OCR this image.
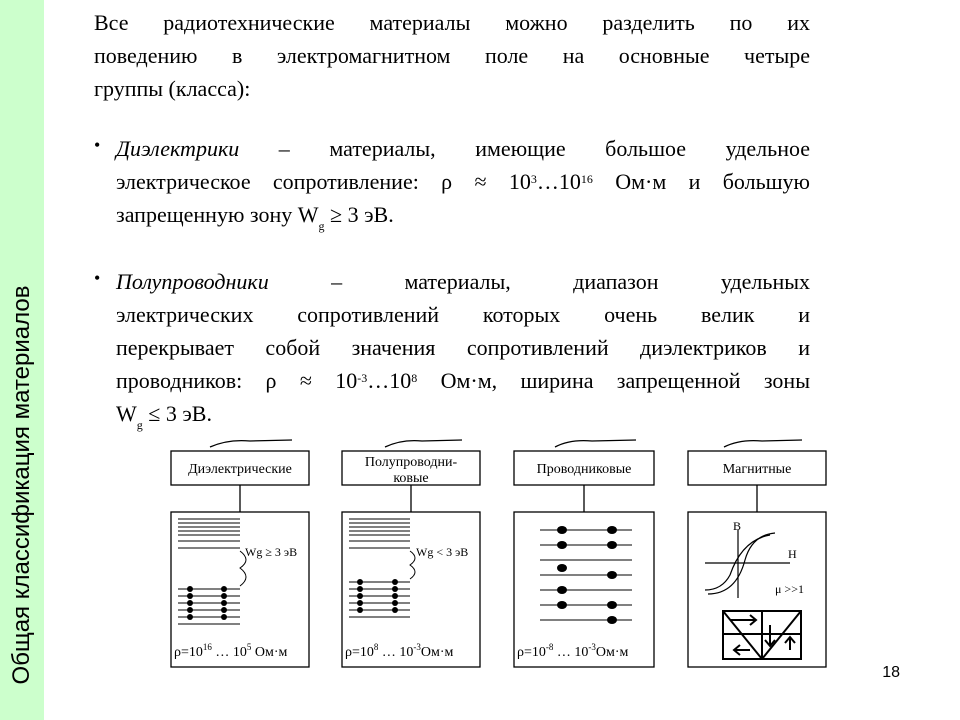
Общая классификация материалов
Все радиотехнические материалы можно разделить по их
поведению в электромагнитном поле на основные четыре
группы (класса):
• Диэлектрики – материалы, имеющие большое удельное
электрическое сопротивление: $\rho \approx 10^3\dots 10^{16}$ Ом·м и большую
запрещенную зону $W_g \ge 3$ эВ.
• Полупроводники	– материалы, диапазон удельных
электрических сопротивлений которых очень велик и
перекрывает собой значения сопротивлений диэлектриков и
проводников: $\rho \approx 10^{-3}\dots 10^8$ Ом·м, ширина запрещенной зоны
$W_g \le 3$ эВ.
Wg ≥ 3 эВ	Wg < 3 эВ
B
H
μ >>1
Диэлектрические	Полупроводни-
ковые
Проводниковые	Магнитные
$\rho=10^{16}$ … $10^5$ Ом·м	$\rho=10^8$ … $10^{-3}Ом\cdot м$	$\rho=10^{-8}$ … $10^{-3}Ом\cdot м$
18
